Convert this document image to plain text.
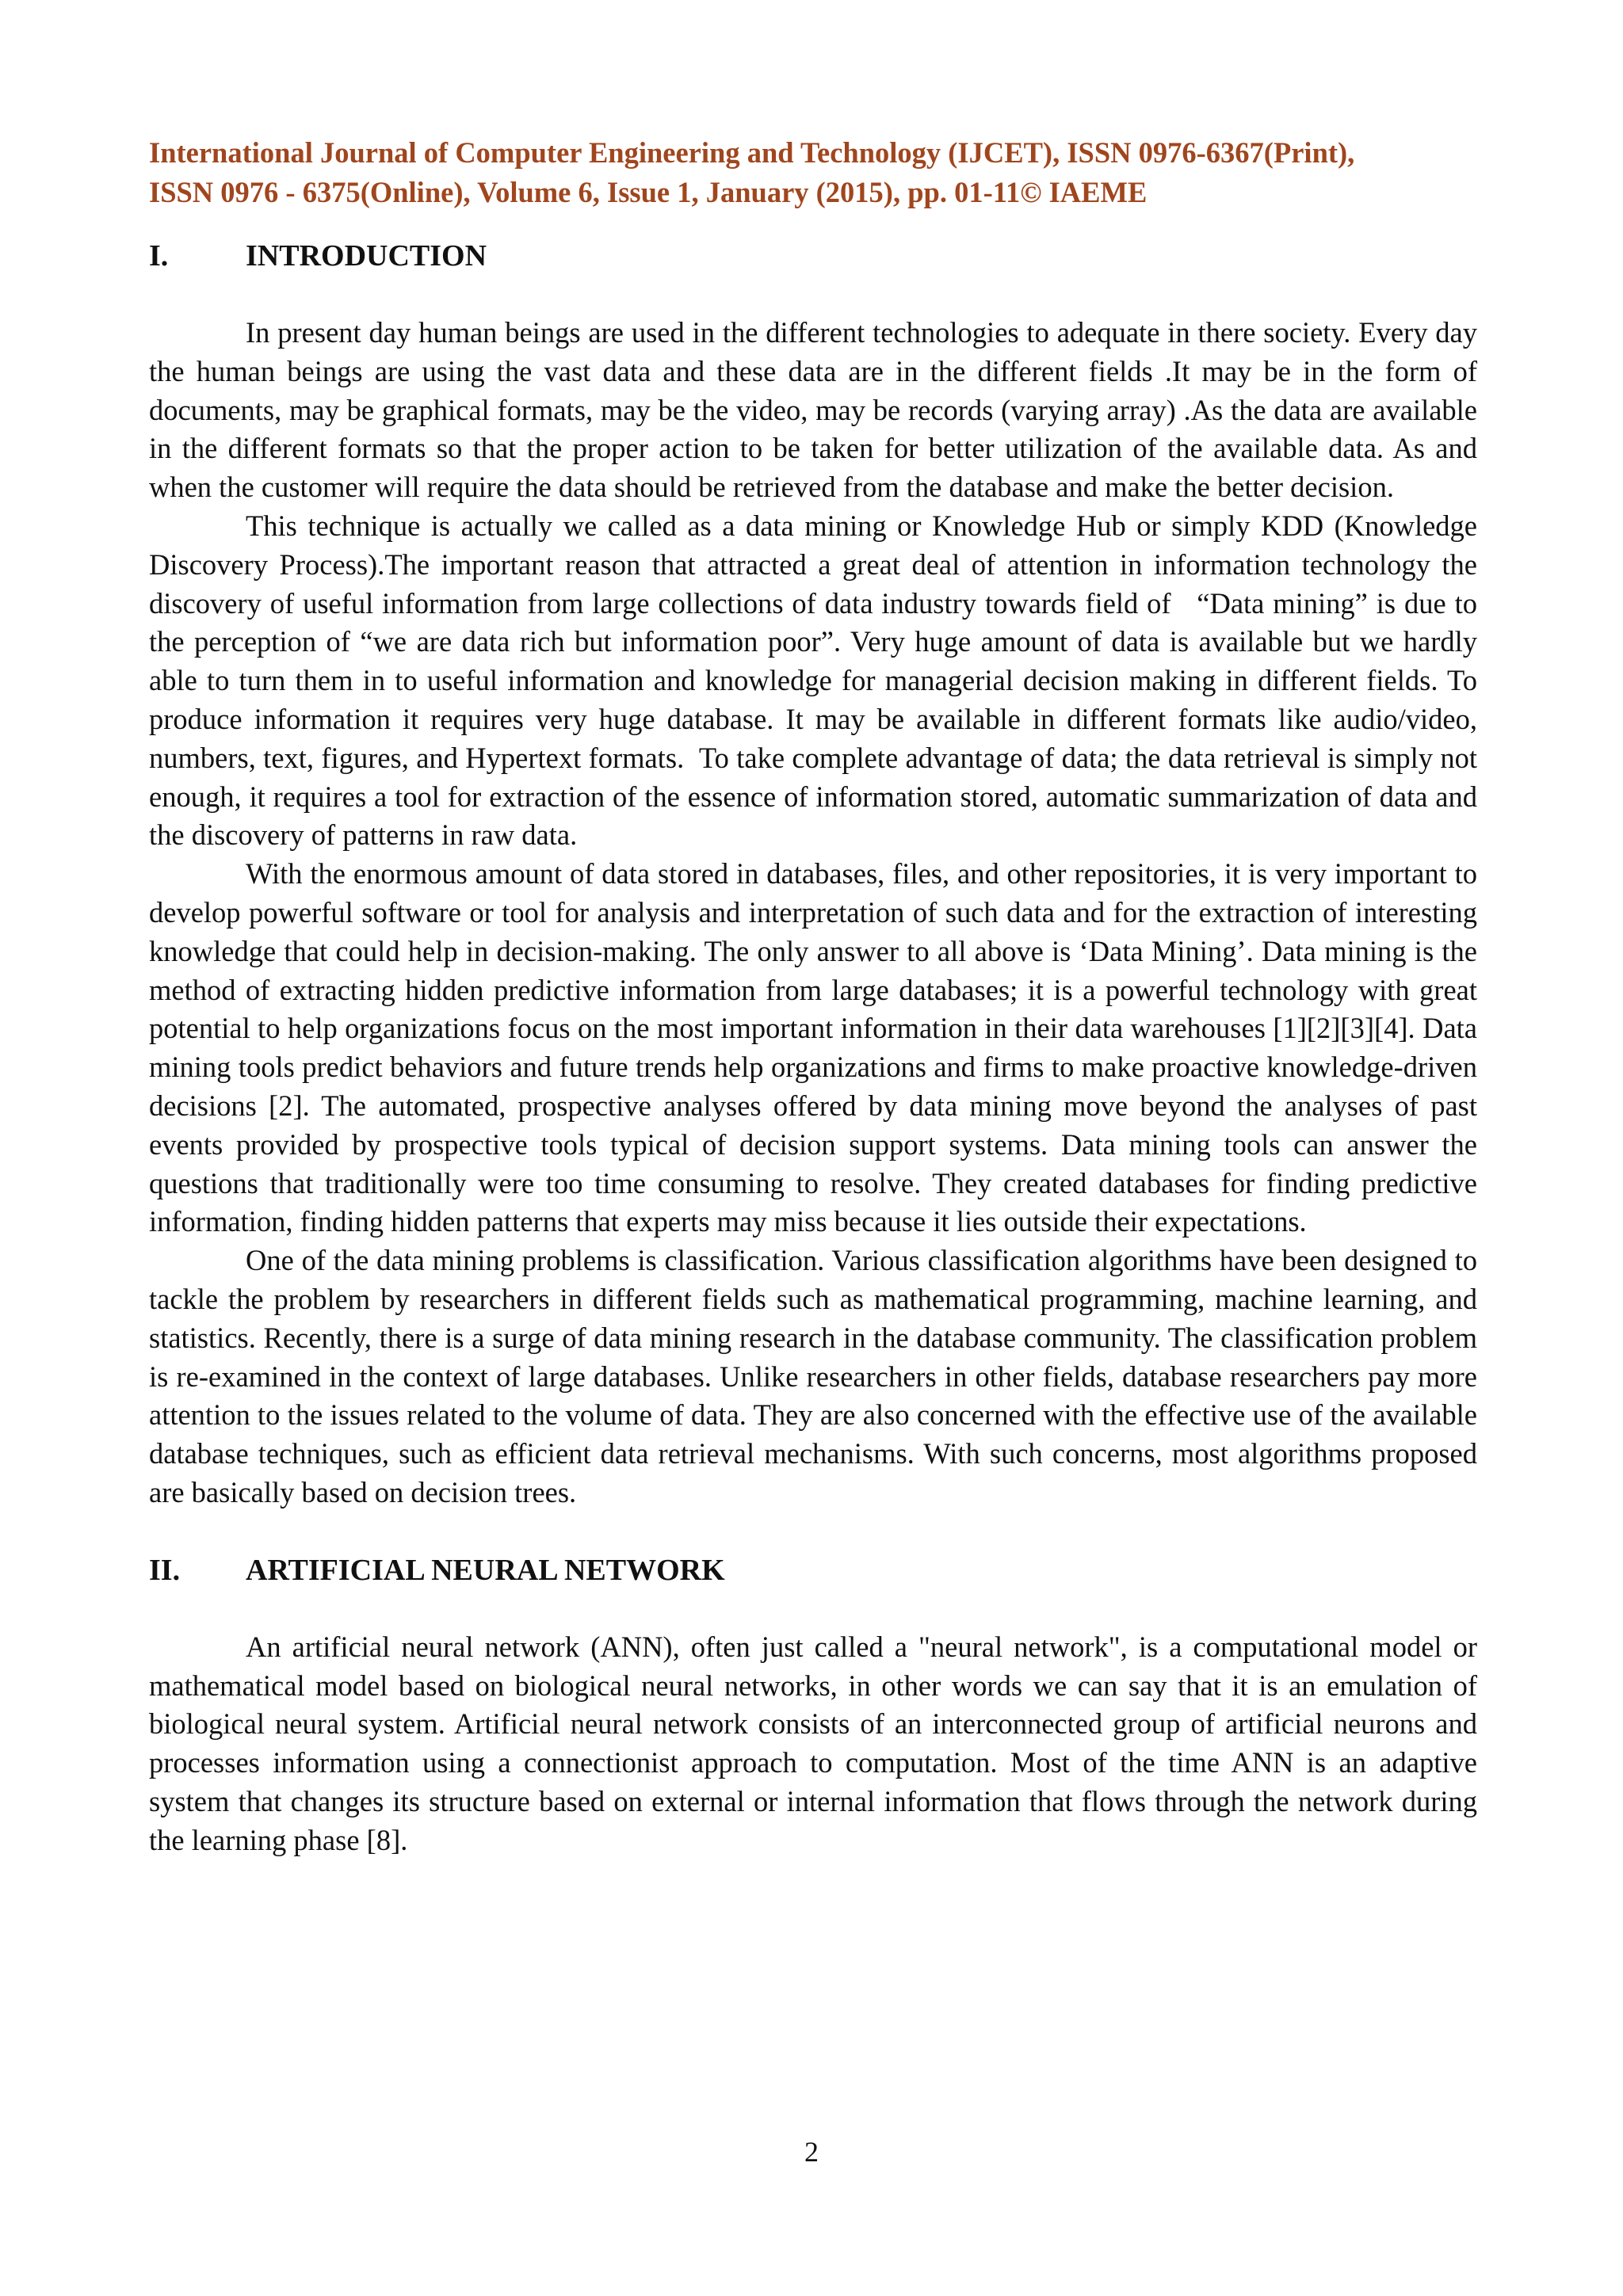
International Journal of Computer Engineering and Technology (IJCET), ISSN 0976-6367(Print),
ISSN 0976 - 6375(Online), Volume 6, Issue 1, January (2015), pp. 01-11© IAEME
I.	INTRODUCTION

In present day human beings are used in the different technologies to adequate in there society. Every day the human beings are using the vast data and these data are in the different fields .It may be in the form of documents, may be graphical formats, may be the video, may be records (varying array) .As the data are available in the different formats so that the proper action to be taken for better utilization of the available data. As and when the customer will require the data should be retrieved from the database and make the better decision.

This technique is actually we called as a data mining or Knowledge Hub or simply KDD (Knowledge Discovery Process).The important reason that attracted a great deal of attention in information technology the discovery of useful information from large collections of data industry towards field of   “Data mining” is due to the perception of “we are data rich but information poor”. Very huge amount of data is available but we hardly able to turn them in to useful information and knowledge for managerial decision making in different fields. To produce information it requires very huge database. It may be available in different formats like audio/video, numbers, text, figures, and Hypertext formats.  To take complete advantage of data; the data retrieval is simply not enough, it requires a tool for extraction of the essence of information stored, automatic summarization of data and the discovery of patterns in raw data.

With the enormous amount of data stored in databases, files, and other repositories, it is very important to develop powerful software or tool for analysis and interpretation of such data and for the extraction of interesting knowledge that could help in decision-making. The only answer to all above is ‘Data Mining’. Data mining is the method of extracting hidden predictive information from large databases; it is a powerful technology with great potential to help organizations focus on the most important information in their data warehouses [1][2][3][4]. Data mining tools predict behaviors and future trends help organizations and firms to make proactive knowledge-driven decisions [2]. The automated, prospective analyses offered by data mining move beyond the analyses of past events provided by prospective tools typical of decision support systems. Data mining tools can answer the questions that traditionally were too time consuming to resolve. They created databases for finding predictive information, finding hidden patterns that experts may miss because it lies outside their expectations.

One of the data mining problems is classification. Various classification algorithms have been designed to tackle the problem by researchers in different fields such as mathematical programming, machine learning, and statistics. Recently, there is a surge of data mining research in the database community. The classification problem is re-examined in the context of large databases. Unlike researchers in other fields, database researchers pay more attention to the issues related to the volume of data. They are also concerned with the effective use of the available database techniques, such as efficient data retrieval mechanisms. With such concerns, most algorithms proposed are basically based on decision trees.

II.	ARTIFICIAL NEURAL NETWORK

An artificial neural network (ANN), often just called a "neural network", is a computational model or mathematical model based on biological neural networks, in other words we can say that it is an emulation of biological neural system. Artificial neural network consists of an interconnected group of artificial neurons and processes information using a connectionist approach to computation. Most of the time ANN is an adaptive system that changes its structure based on external or internal information that flows through the network during the learning phase [8].

2
